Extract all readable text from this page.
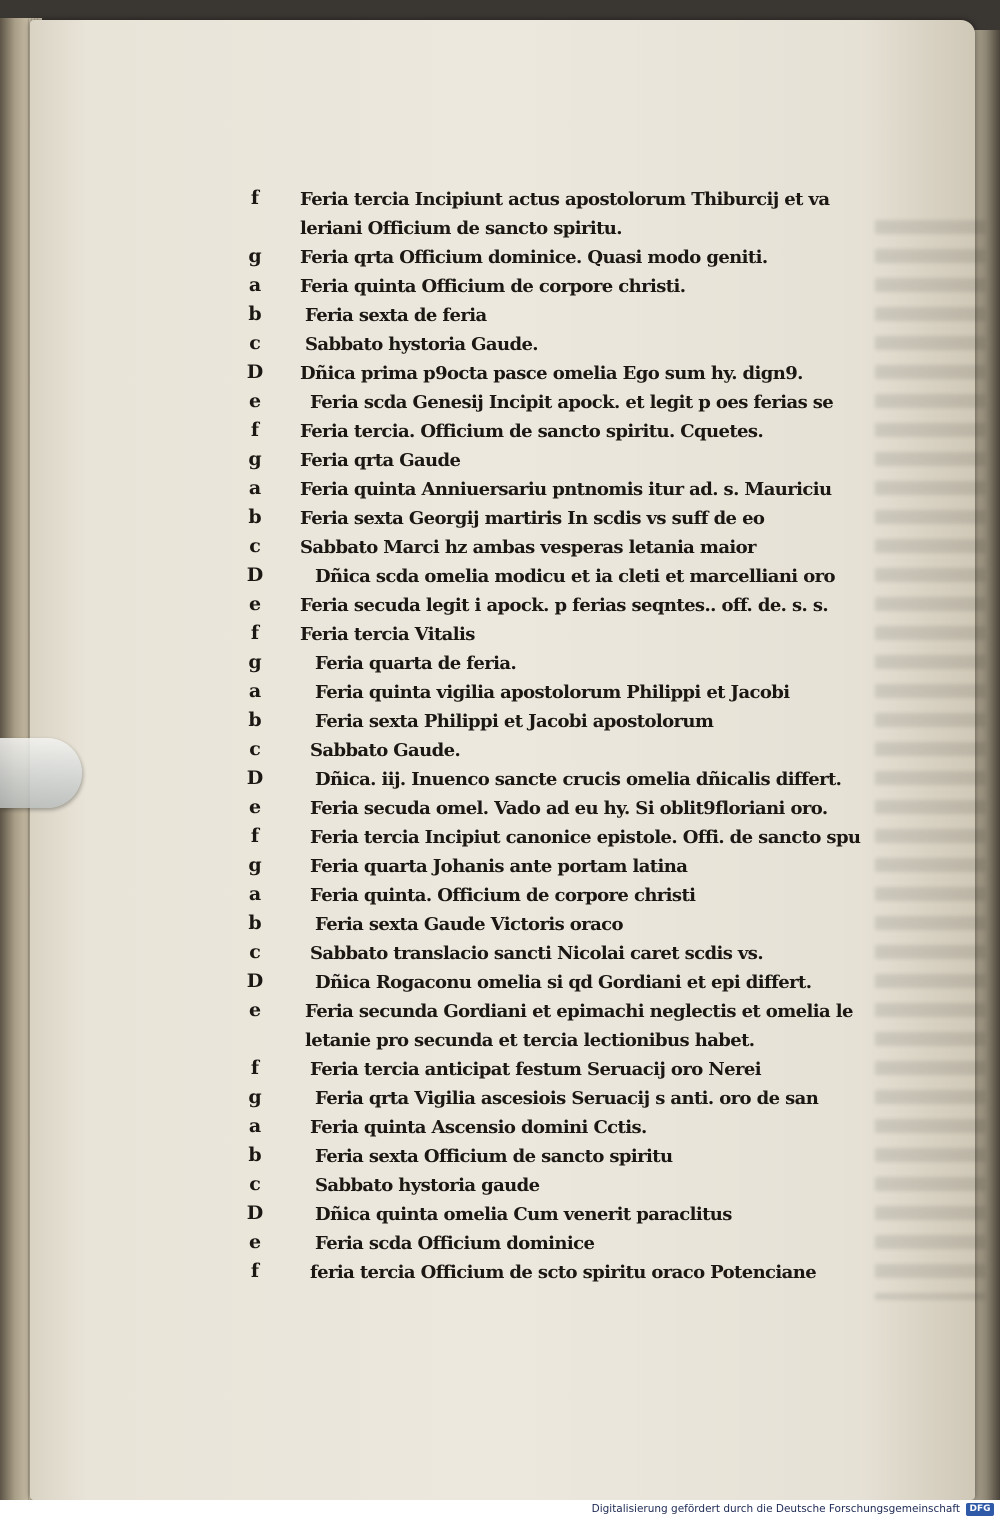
f	Feria tercia Incipiunt actus apostolorum Thiburcij et va
leriani Officium de sancto spiritu.
g	Feria qrta Officium dominice. Quasi modo geniti.
a	Feria quinta Officium de corpore christi.
b	Feria sexta de feria
c	Sabbato hystoria Gaude.
D	Dñica prima p9octa pasce omelia Ego sum hy. dign9.
e	Feria scda Genesij Incipit apock. et legit p oes ferias se
f	Feria tercia. Officium de sancto spiritu. Cquetes.
g	Feria qrta Gaude
a	Feria quinta Anniuersariu pntnomis itur ad. s. Mauriciu
b	Feria sexta Georgij martiris In scdis vs suff de eo
c	Sabbato Marci hz ambas vesperas letania maior
D	Dñica scda omelia modicu et ia cleti et marcelliani oro
e	Feria secuda legit i apock. p ferias seqntes.. off. de. s. s.
f	Feria tercia Vitalis
g	Feria quarta de feria.
a	Feria quinta vigilia apostolorum Philippi et Jacobi
b	Feria sexta Philippi et Jacobi apostolorum
c	Sabbato Gaude.
D	Dñica. iij. Inuenco sancte crucis omelia dñicalis differt.
e	Feria secuda omel. Vado ad eu hy. Si oblit9floriani oro.
f	Feria tercia Incipiut canonice epistole. Offi. de sancto spu
g	Feria quarta Johanis ante portam latina
a	Feria quinta. Officium de corpore christi
b	Feria sexta Gaude Victoris oraco
c	Sabbato translacio sancti Nicolai caret scdis vs.
D	Dñica Rogaconu omelia si qd Gordiani et epi differt.
e	Feria secunda Gordiani et epimachi neglectis et omelia le
letanie pro secunda et tercia lectionibus habet.
f	Feria tercia anticipat festum Seruacij oro Nerei
g	Feria qrta Vigilia ascesiois Seruacij s anti. oro de san
a	Feria quinta Ascensio domini Cctis.
b	Feria sexta Officium de sancto spiritu
c	Sabbato hystoria gaude
D	Dñica quinta omelia Cum venerit paraclitus
e	Feria scda Officium dominice
f	feria tercia Officium de scto spiritu oraco Potenciane
Digitalisierung gefördert durch die Deutsche Forschungsgemeinschaft	DFG
